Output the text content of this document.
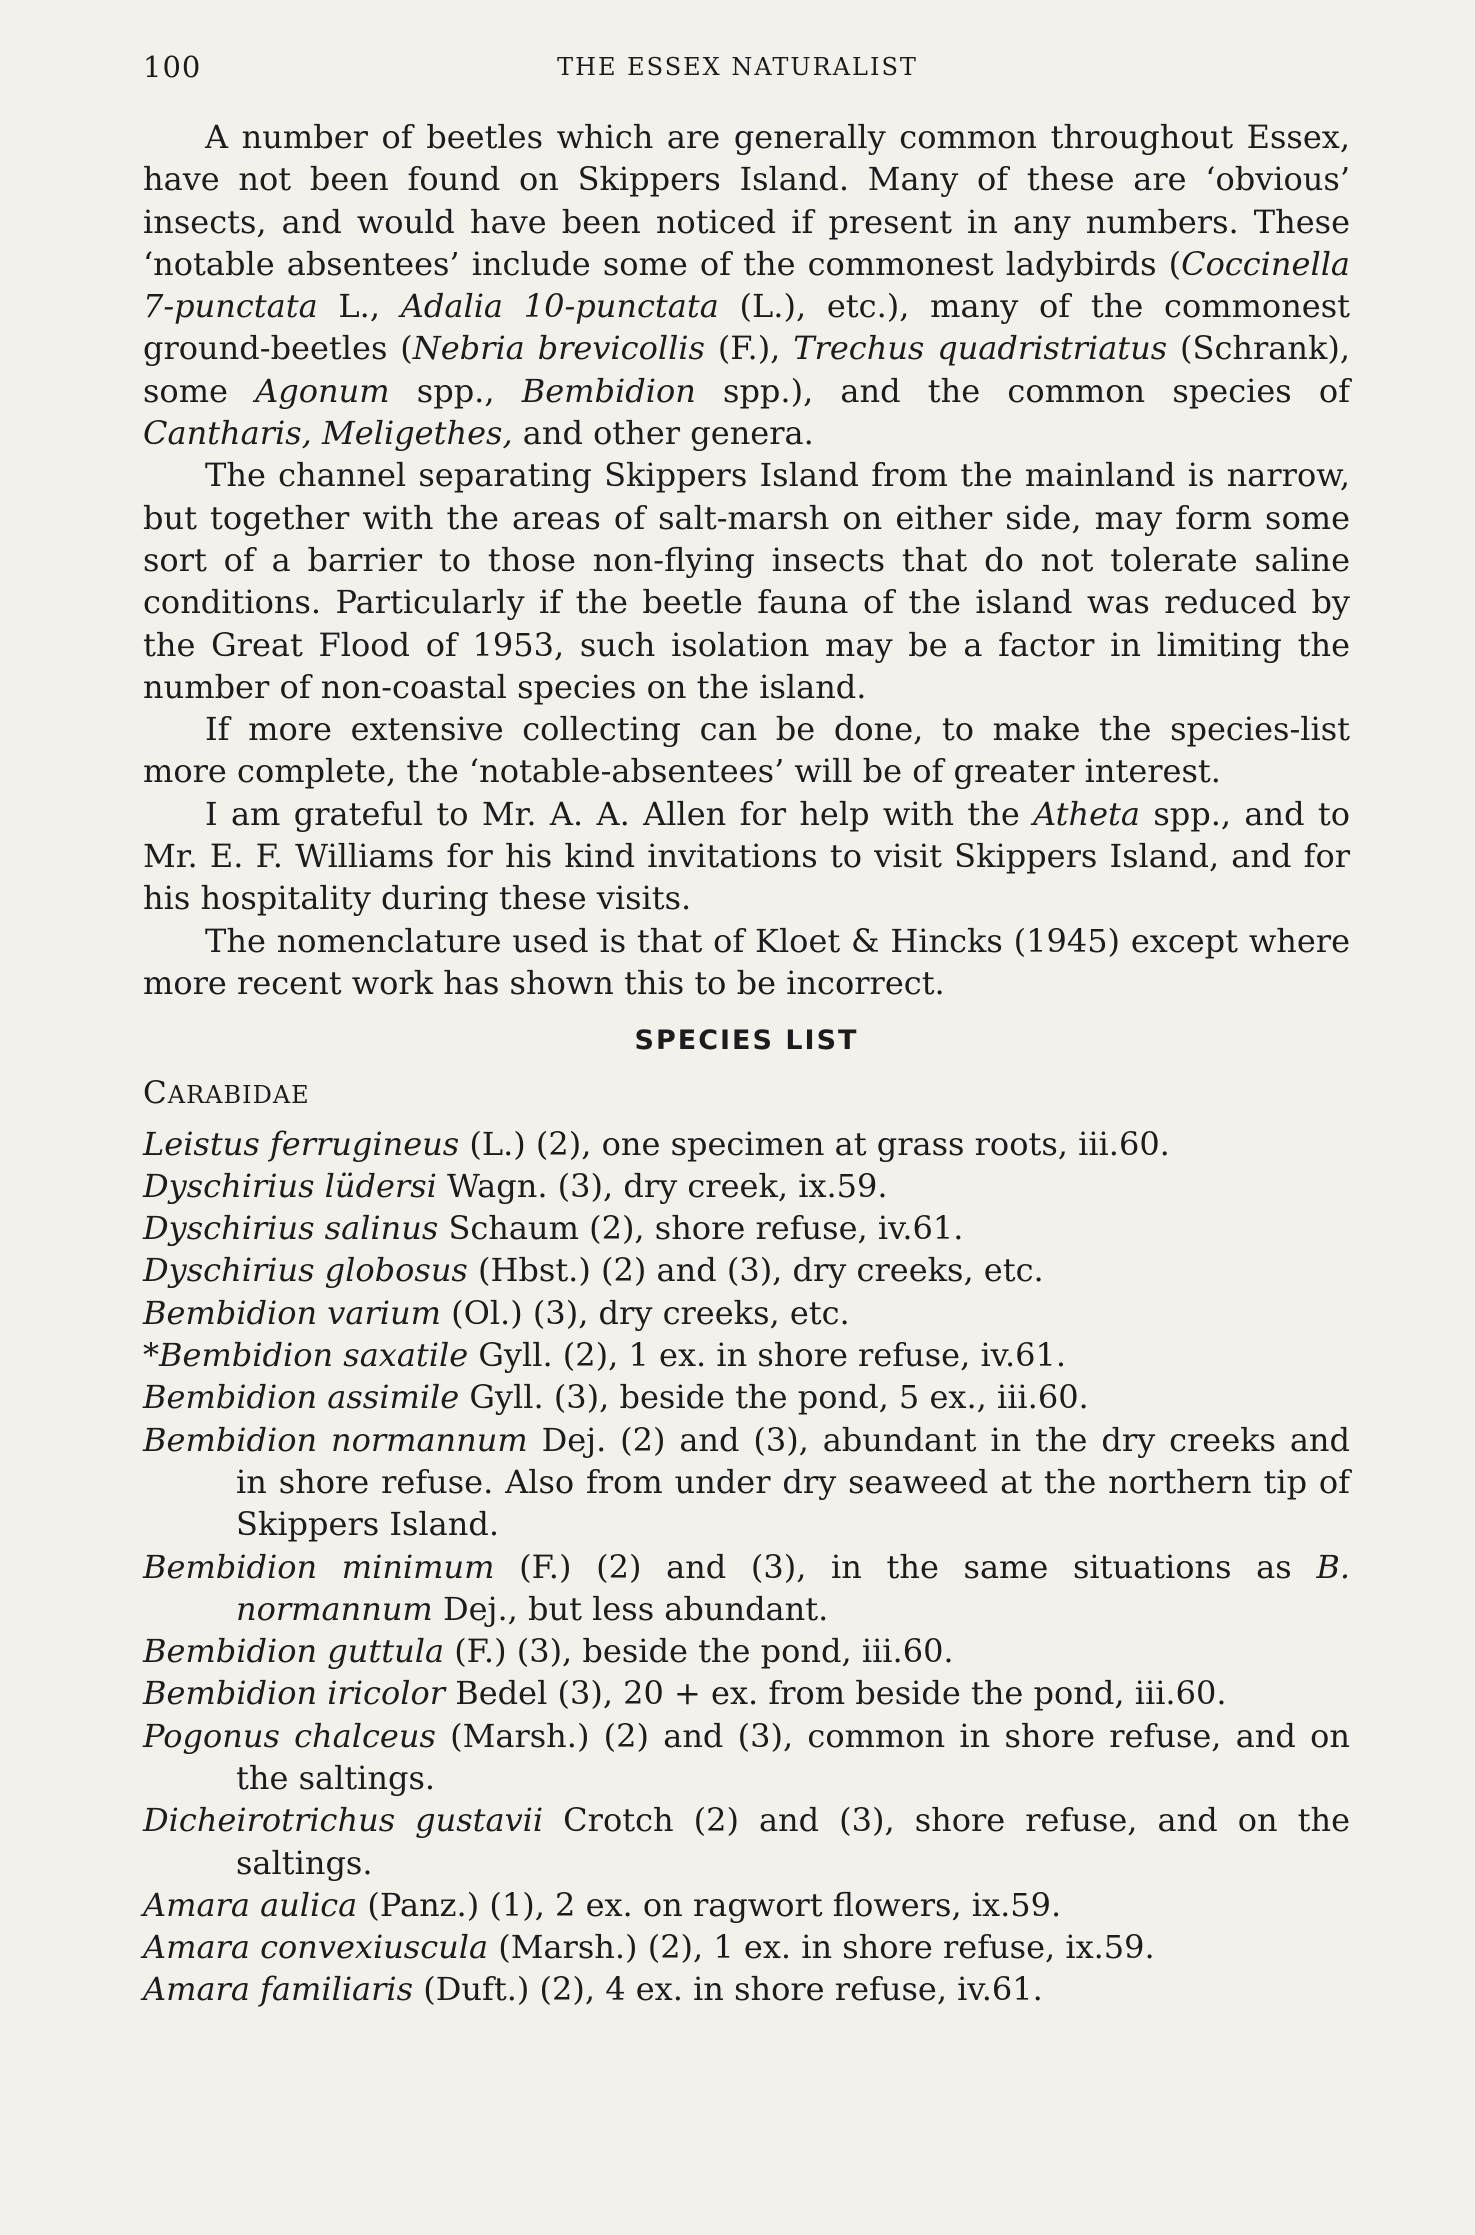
100	THE ESSEX NATURALIST

A number of beetles which are generally common throughout Essex, have not been found on Skippers Island. Many of these are ‘obvious’ insects, and would have been noticed if present in any numbers. These ‘notable absentees’ include some of the commonest ladybirds (Coccinella 7-punctata L., Adalia 10-punctata (L.), etc.), many of the commonest ground-beetles (Nebria brevicollis (F.), Trechus quadristriatus (Schrank), some Agonum spp., Bembidion spp.), and the common species of Cantharis, Meligethes, and other genera.

The channel separating Skippers Island from the mainland is narrow, but together with the areas of salt-marsh on either side, may form some sort of a barrier to those non-flying insects that do not tolerate saline conditions. Particularly if the beetle fauna of the island was reduced by the Great Flood of 1953, such isolation may be a factor in limiting the number of non-coastal species on the island.

If more extensive collecting can be done, to make the species-list more complete, the ‘notable-absentees’ will be of greater interest.

I am grateful to Mr. A. A. Allen for help with the Atheta spp., and to Mr. E. F. Williams for his kind invitations to visit Skippers Island, and for his hospitality during these visits.

The nomenclature used is that of Kloet & Hincks (1945) except where more recent work has shown this to be incorrect.

SPECIES LIST

CARABIDAE

Leistus ferrugineus (L.) (2), one specimen at grass roots, iii.60.

Dyschirius lüdersi Wagn. (3), dry creek, ix.59.

Dyschirius salinus Schaum (2), shore refuse, iv.61.

Dyschirius globosus (Hbst.) (2) and (3), dry creeks, etc.

Bembidion varium (Ol.) (3), dry creeks, etc.

*Bembidion saxatile Gyll. (2), 1 ex. in shore refuse, iv.61.

Bembidion assimile Gyll. (3), beside the pond, 5 ex., iii.60.

Bembidion normannum Dej. (2) and (3), abundant in the dry creeks and in shore refuse. Also from under dry seaweed at the northern tip of Skippers Island.

Bembidion minimum (F.) (2) and (3), in the same situations as B. normannum Dej., but less abundant.

Bembidion guttula (F.) (3), beside the pond, iii.60.

Bembidion iricolor Bedel (3), 20 + ex. from beside the pond, iii.60.

Pogonus chalceus (Marsh.) (2) and (3), common in shore refuse, and on the saltings.

Dicheirotrichus gustavii Crotch (2) and (3), shore refuse, and on the saltings.

Amara aulica (Panz.) (1), 2 ex. on ragwort flowers, ix.59.

Amara convexiuscula (Marsh.) (2), 1 ex. in shore refuse, ix.59.

Amara familiaris (Duft.) (2), 4 ex. in shore refuse, iv.61.
